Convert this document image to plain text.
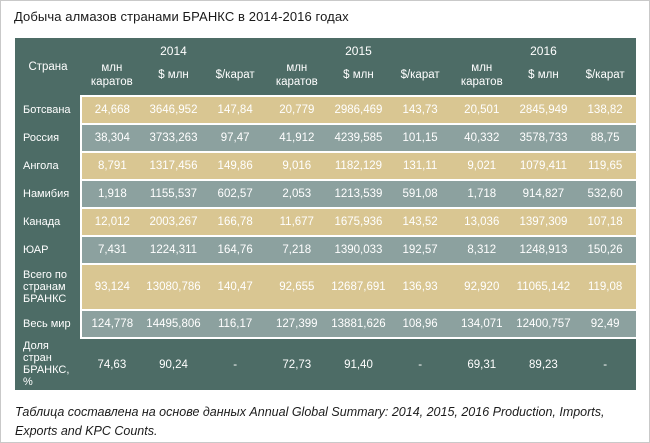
Добыча алмазов странами БРАНКС в 2014-2016 годах
Страна	2014			2015			2016		
	млн каратов	$ млн	$/карат	млн каратов	$ млн	$/карат	млн каратов	$ млн	$/карат
Ботсвана	24,668	3646,952	147,84	20,779	2986,469	143,73	20,501	2845,949	138,82
Россия	38,304	3733,263	97,47	41,912	4239,585	101,15	40,332	3578,733	88,75
Ангола	8,791	1317,456	149,86	9,016	1182,129	131,11	9,021	1079,411	119,65
Намибия	1,918	1155,537	602,57	2,053	1213,539	591,08	1,718	914,827	532,60
Канада	12,012	2003,267	166,78	11,677	1675,936	143,52	13,036	1397,309	107,18
ЮАР	7,431	1224,311	164,76	7,218	1390,033	192,57	8,312	1248,913	150,26
Всего по странам БРАНКС	93,124	13080,786	140,47	92,655	12687,691	136,93	92,920	11065,142	119,08
Весь мир	124,778	14495,806	116,17	127,399	13881,626	108,96	134,071	12400,757	92,49
Доля стран БРАНКС, %	74,63	90,24	-	72,73	91,40	-	69,31	89,23	-
Таблица составлена на основе данных Annual Global Summary: 2014, 2015, 2016 Production, Imports,
Exports and KPC Counts.
